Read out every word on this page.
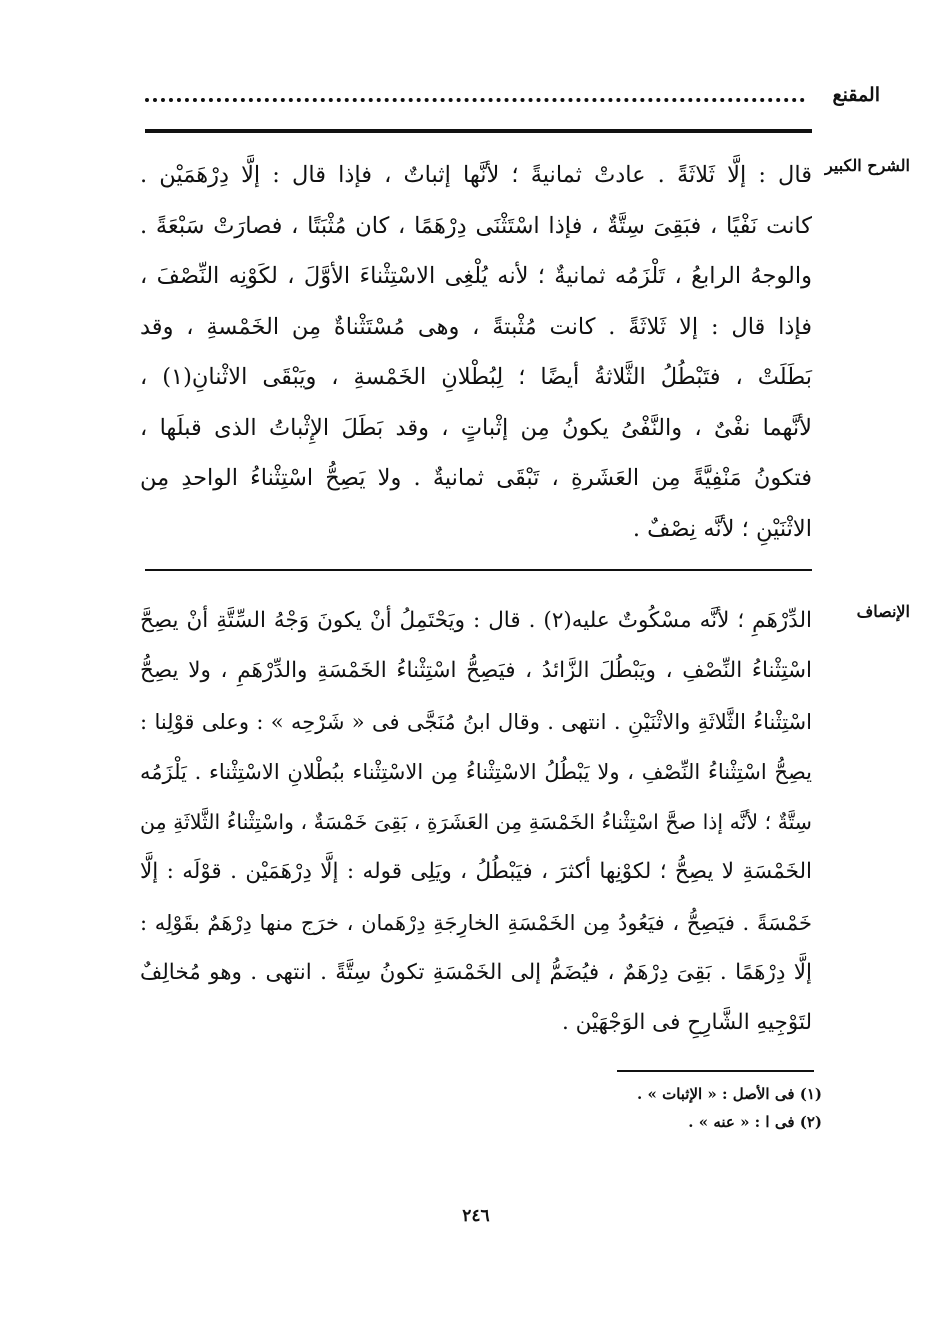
المقنع
الشرح الكبير
قال : إلَّا ثَلاثَةً . عادتْ ثمانيةً ؛ لأنَّها إثباتٌ ، فإذا قال : إلَّا دِرْهَمَيْن .
كانت نَفْيًا ، فبَقِىَ سِتَّةٌ ، فإذا اسْتَثْنَى دِرْهَمًا ، كان مُثْبَتًا ، فصارَتْ سَبْعَةً .
والوجهُ الرابعُ ، تَلْزَمُه ثمانيةٌ ؛ لأنه يُلْغِى الاسْتِثْناءَ الأوَّلَ ، لكَوْنِه النِّصْفَ ،
فإذا قال : إلا ثَلاثَةً . كانت مُثْبتةً ، وهى مُسْتَثْناةٌ مِن الخَمْسةِ ، وقد
بَطَلَتْ ، فتَبْطُلُ الثَّلاثةُ أيضًا ؛ لِبُطْلانِ الخَمْسةِ ، ويَبْقَى الاثْنانِ(١) ،
لأنَّهما نفْىٌ ، والنَّفْىُ يكونُ مِن إثْباتٍ ، وقد بَطَلَ الإِثْباتُ الذى قبلَها ،
فتكونُ مَنْفِيَّةً مِن العَشَرةِ ، تَبْقَى ثمانيةٌ . ولا يَصِحُّ اسْتِثْناءُ الواحدِ مِن
الاثْنَيْنِ ؛ لأنَّه نِصْفٌ .
الإنصاف
الدِّرْهَمِ ؛ لأنَّه مسْكُوتٌ عليه(٢) . قال : ويَحْتَمِلُ أنْ يكونَ وَجْهُ السِّتَّةِ أنْ يصِحَّ
اسْتِثْناءُ النِّصْفِ ، ويَبْطُلَ الزَّائدُ ، فيَصِحُّ اسْتِثْناءُ الخَمْسَةِ والدِّرْهَمِ ، ولا يصِحُّ
اسْتِثْناءُ الثَّلاثَةِ والاثْنَيْنِ . انتهى . وقال ابنُ مُنَجَّى فى « شَرْحِه » : وعلى قوْلِنا :
يصِحُّ اسْتِثْناءُ النِّصْفِ ، ولا يَبْطُلُ الاسْتِثْناءُ مِن الاسْتِثْناء ببُطْلانِ الاسْتِثْناء . يَلْزَمُه
سِتَّةٌ ؛ لأنَّه إذا صحَّ اسْتِثْناءُ الخَمْسَةِ مِن العَشَرَةِ ، بَقِىَ خَمْسَةٌ ، واسْتِثْناءُ الثَّلاثَةِ مِن
الخَمْسَةِ لا يصِحُّ ؛ لكوْنِها أكثرَ ، فيَبْطُلُ ، ويَلِى قوله : إلَّا دِرْهَمَيْن . قوْلَه : إلَّا
خَمْسَةً . فيَصِحُّ ، فيَعُودُ مِن الخَمْسَةِ الخارِجَةِ دِرْهَمان ، خرَج منها دِرْهَمٌ بقَوْلِه :
إلَّا دِرْهَمًا . بَقِىَ دِرْهَمٌ ، فيُضَمُّ إلى الخَمْسَةِ تكونُ سِتَّةً . انتهى . وهو مُخالِفٌ
لتَوْجِيهِ الشَّارِحِ فى الوَجْهَيْن .
(١) فى الأصل : « الإثبات » .
(٢) فى ا : « عنه » .
٢٤٦
